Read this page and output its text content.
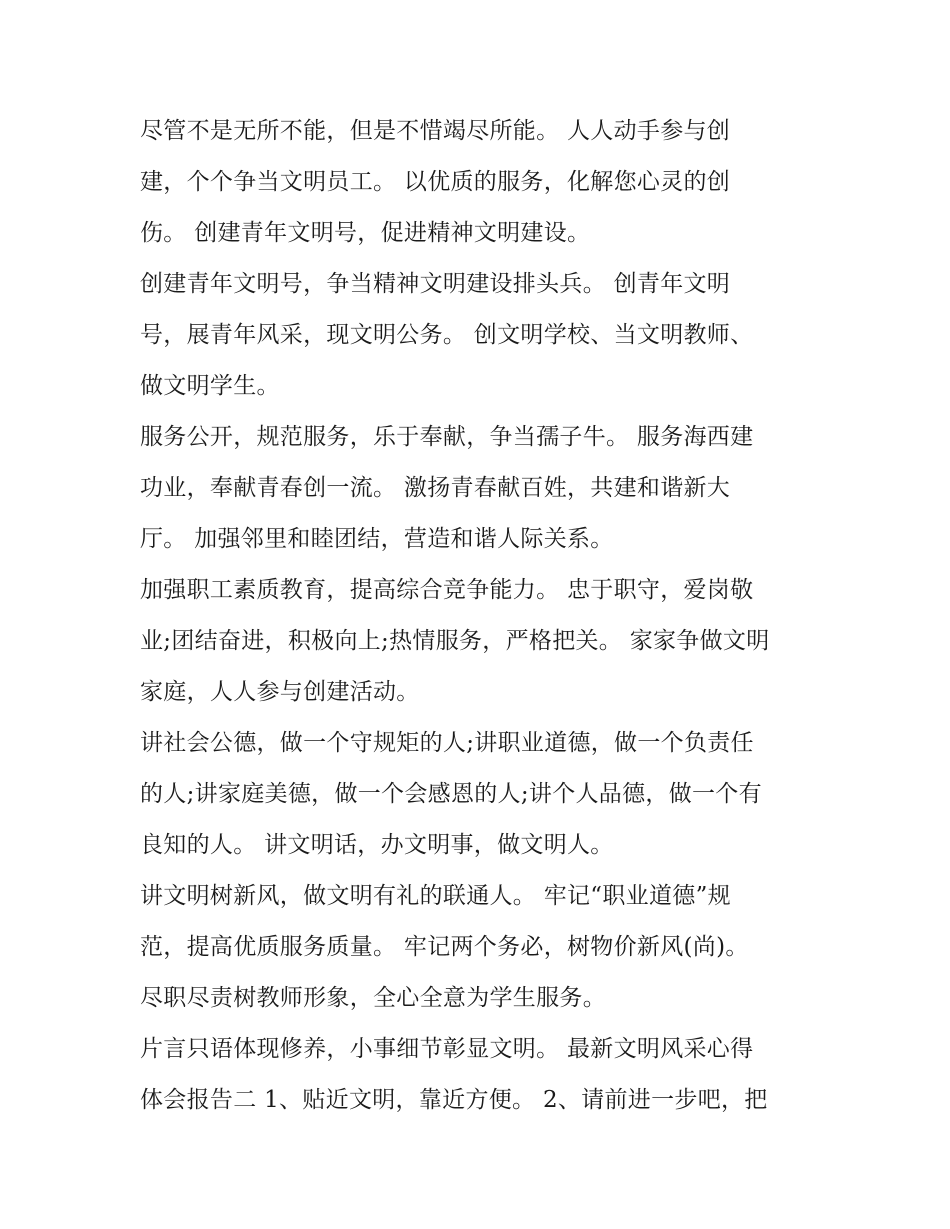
尽管不是无所不能，但是不惜竭尽所能。 人人动手参与创
建，个个争当文明员工。 以优质的服务，化解您心灵的创
伤。 创建青年文明号，促进精神文明建设。
创建青年文明号，争当精神文明建设排头兵。 创青年文明
号，展青年风采，现文明公务。 创文明学校、当文明教师、
做文明学生。
服务公开，规范服务，乐于奉献，争当孺子牛。 服务海西建
功业，奉献青春创一流。 激扬青春献百姓，共建和谐新大
厅。 加强邻里和睦团结，营造和谐人际关系。
加强职工素质教育，提高综合竞争能力。 忠于职守，爱岗敬
业;团结奋进，积极向上;热情服务，严格把关。 家家争做文明
家庭，人人参与创建活动。
讲社会公德，做一个守规矩的人;讲职业道德，做一个负责任
的人;讲家庭美德，做一个会感恩的人;讲个人品德，做一个有
良知的人。 讲文明话，办文明事，做文明人。
讲文明树新风，做文明有礼的联通人。 牢记“职业道德”规
范，提高优质服务质量。 牢记两个务必，树物价新风(尚)。
尽职尽责树教师形象，全心全意为学生服务。
片言只语体现修养，小事细节彰显文明。 最新文明风采心得
体会报告二 1、贴近文明，靠近方便。 2、请前进一步吧，把
